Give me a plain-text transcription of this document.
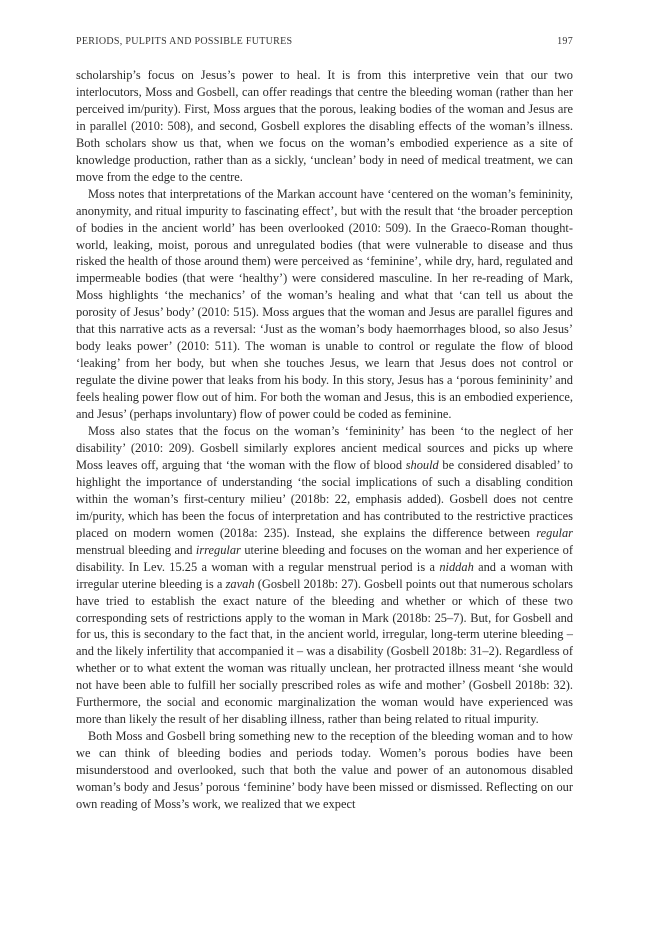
PERIODS, PULPITS AND POSSIBLE FUTURES	197

scholarship’s focus on Jesus’s power to heal. It is from this interpretive vein that our two interlocutors, Moss and Gosbell, can offer readings that centre the bleeding woman (rather than her perceived im/purity). First, Moss argues that the porous, leaking bodies of the woman and Jesus are in parallel (2010: 508), and second, Gosbell explores the disabling effects of the woman’s illness. Both scholars show us that, when we focus on the woman’s embodied experience as a site of knowledge production, rather than as a sickly, ‘unclean’ body in need of medical treatment, we can move from the edge to the centre.

Moss notes that interpretations of the Markan account have ‘centered on the woman’s femininity, anonymity, and ritual impurity to fascinating effect’, but with the result that ‘the broader perception of bodies in the ancient world’ has been overlooked (2010: 509). In the Graeco-Roman thought-world, leaking, moist, porous and unregulated bodies (that were vulnerable to disease and thus risked the health of those around them) were perceived as ‘feminine’, while dry, hard, regulated and impermeable bodies (that were ‘healthy’) were considered masculine. In her re-reading of Mark, Moss highlights ‘the mechanics’ of the woman’s healing and what that ‘can tell us about the porosity of Jesus’ body’ (2010: 515). Moss argues that the woman and Jesus are parallel figures and that this narrative acts as a reversal: ‘Just as the woman’s body haemorrhages blood, so also Jesus’ body leaks power’ (2010: 511). The woman is unable to control or regulate the flow of blood ‘leaking’ from her body, but when she touches Jesus, we learn that Jesus does not control or regulate the divine power that leaks from his body. In this story, Jesus has a ‘porous femininity’ and feels healing power flow out of him. For both the woman and Jesus, this is an embodied experience, and Jesus’ (perhaps involuntary) flow of power could be coded as feminine.

Moss also states that the focus on the woman’s ‘femininity’ has been ‘to the neglect of her disability’ (2010: 209). Gosbell similarly explores ancient medical sources and picks up where Moss leaves off, arguing that ‘the woman with the flow of blood should be considered disabled’ to highlight the importance of understanding ‘the social implications of such a disabling condition within the woman’s first-century milieu’ (2018b: 22, emphasis added). Gosbell does not centre im/purity, which has been the focus of interpretation and has contributed to the restrictive practices placed on modern women (2018a: 235). Instead, she explains the difference between regular menstrual bleeding and irregular uterine bleeding and focuses on the woman and her experience of disability. In Lev. 15.25 a woman with a regular menstrual period is a niddah and a woman with irregular uterine bleeding is a zavah (Gosbell 2018b: 27). Gosbell points out that numerous scholars have tried to establish the exact nature of the bleeding and whether or which of these two corresponding sets of restrictions apply to the woman in Mark (2018b: 25–7). But, for Gosbell and for us, this is secondary to the fact that, in the ancient world, irregular, long-term uterine bleeding – and the likely infertility that accompanied it – was a disability (Gosbell 2018b: 31–2). Regardless of whether or to what extent the woman was ritually unclean, her protracted illness meant ‘she would not have been able to fulfill her socially prescribed roles as wife and mother’ (Gosbell 2018b: 32). Furthermore, the social and economic marginalization the woman would have experienced was more than likely the result of her disabling illness, rather than being related to ritual impurity.

Both Moss and Gosbell bring something new to the reception of the bleeding woman and to how we can think of bleeding bodies and periods today. Women’s porous bodies have been misunderstood and overlooked, such that both the value and power of an autonomous disabled woman’s body and Jesus’ porous ‘feminine’ body have been missed or dismissed. Reflecting on our own reading of Moss’s work, we realized that we expect
